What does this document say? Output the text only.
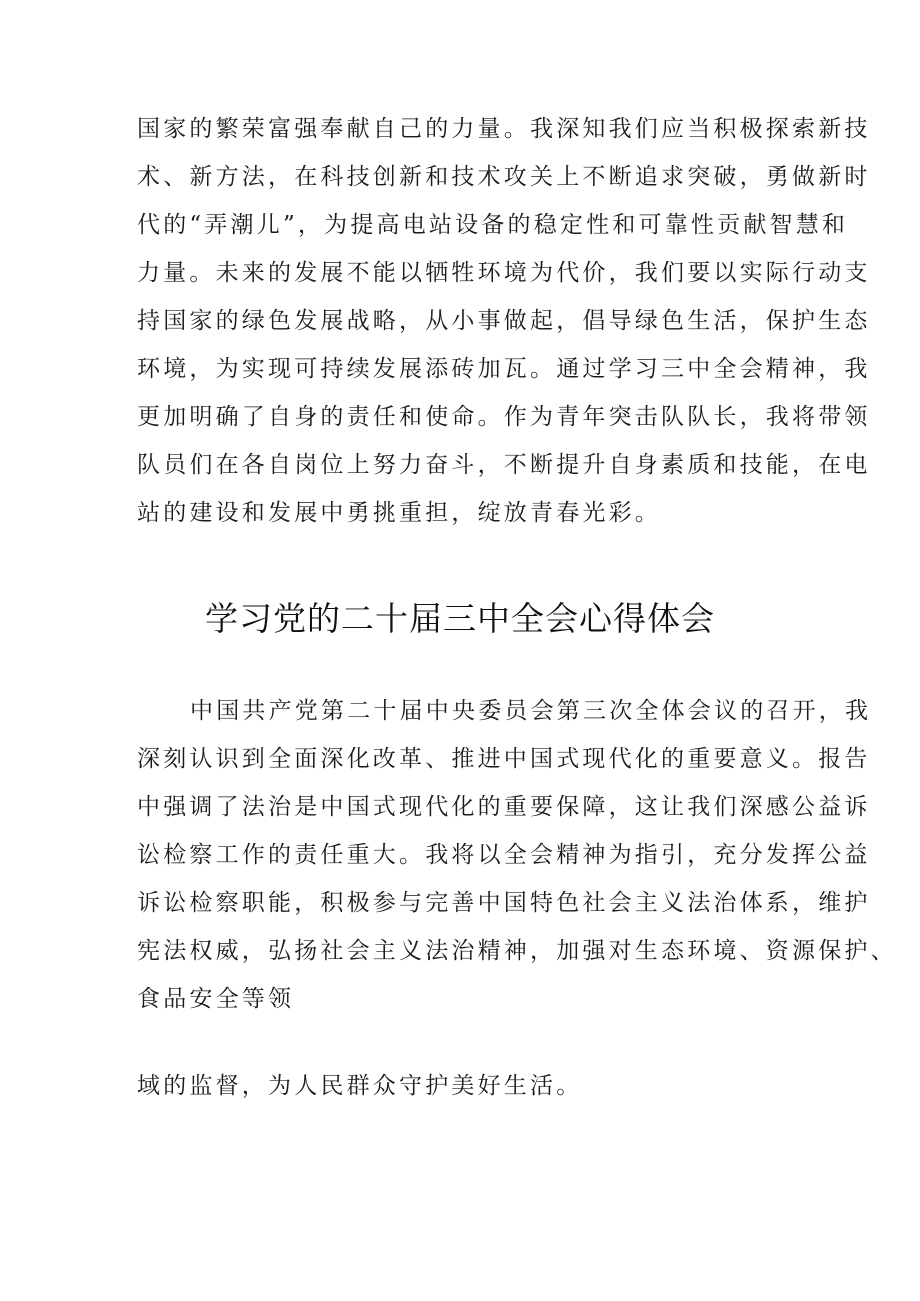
国家的繁荣富强奉献自己的力量。我深知我们应当积极探索新技
术、新方法，在科技创新和技术攻关上不断追求突破，勇做新时
代的“弄潮儿”，为提高电站设备的稳定性和可靠性贡献智慧和
力量。未来的发展不能以牺牲环境为代价，我们要以实际行动支
持国家的绿色发展战略，从小事做起，倡导绿色生活，保护生态
环境，为实现可持续发展添砖加瓦。通过学习三中全会精神，我
更加明确了自身的责任和使命。作为青年突击队队长，我将带领
队员们在各自岗位上努力奋斗，不断提升自身素质和技能，在电
站的建设和发展中勇挑重担，绽放青春光彩。
学习党的二十届三中全会心得体会
中国共产党第二十届中央委员会第三次全体会议的召开，我
深刻认识到全面深化改革、推进中国式现代化的重要意义。报告
中强调了法治是中国式现代化的重要保障，这让我们深感公益诉
讼检察工作的责任重大。我将以全会精神为指引，充分发挥公益
诉讼检察职能，积极参与完善中国特色社会主义法治体系，维护
宪法权威，弘扬社会主义法治精神，加强对生态环境、资源保护、
食品安全等领
域的监督，为人民群众守护美好生活。
